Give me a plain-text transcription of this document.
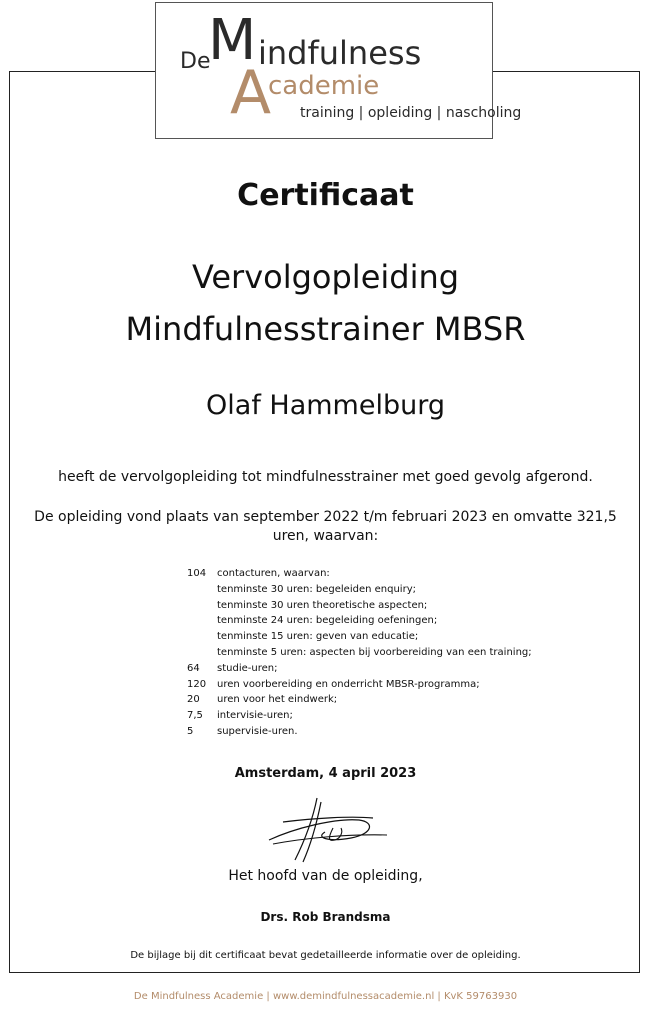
De
M indfulness
A
cademie
training | opleiding | nascholing
Certificaat
Vervolgopleiding
Mindfulnesstrainer MBSR
Olaf Hammelburg
heeft de vervolgopleiding tot mindfulnesstrainer met goed gevolg afgerond.
De opleiding vond plaats van september 2022 t/m februari 2023 en omvatte 321,5
uren, waarvan:
104	contacturen, waarvan:
tenminste 30 uren: begeleiden enquiry;
tenminste 30 uren theoretische aspecten;
tenminste 24 uren: begeleiding oefeningen;
tenminste 15 uren: geven van educatie;
tenminste 5 uren: aspecten bij voorbereiding van een training;
64	studie-uren;
120	uren voorbereiding en onderricht MBSR-programma;
20	uren voor het eindwerk;
7,5	intervisie-uren;
5	supervisie-uren.
Amsterdam, 4 april 2023
Het hoofd van de opleiding,
Drs. Rob Brandsma
De bijlage bij dit certificaat bevat gedetailleerde informatie over de opleiding.
De Mindfulness Academie | www.demindfulnessacademie.nl | KvK 59763930
